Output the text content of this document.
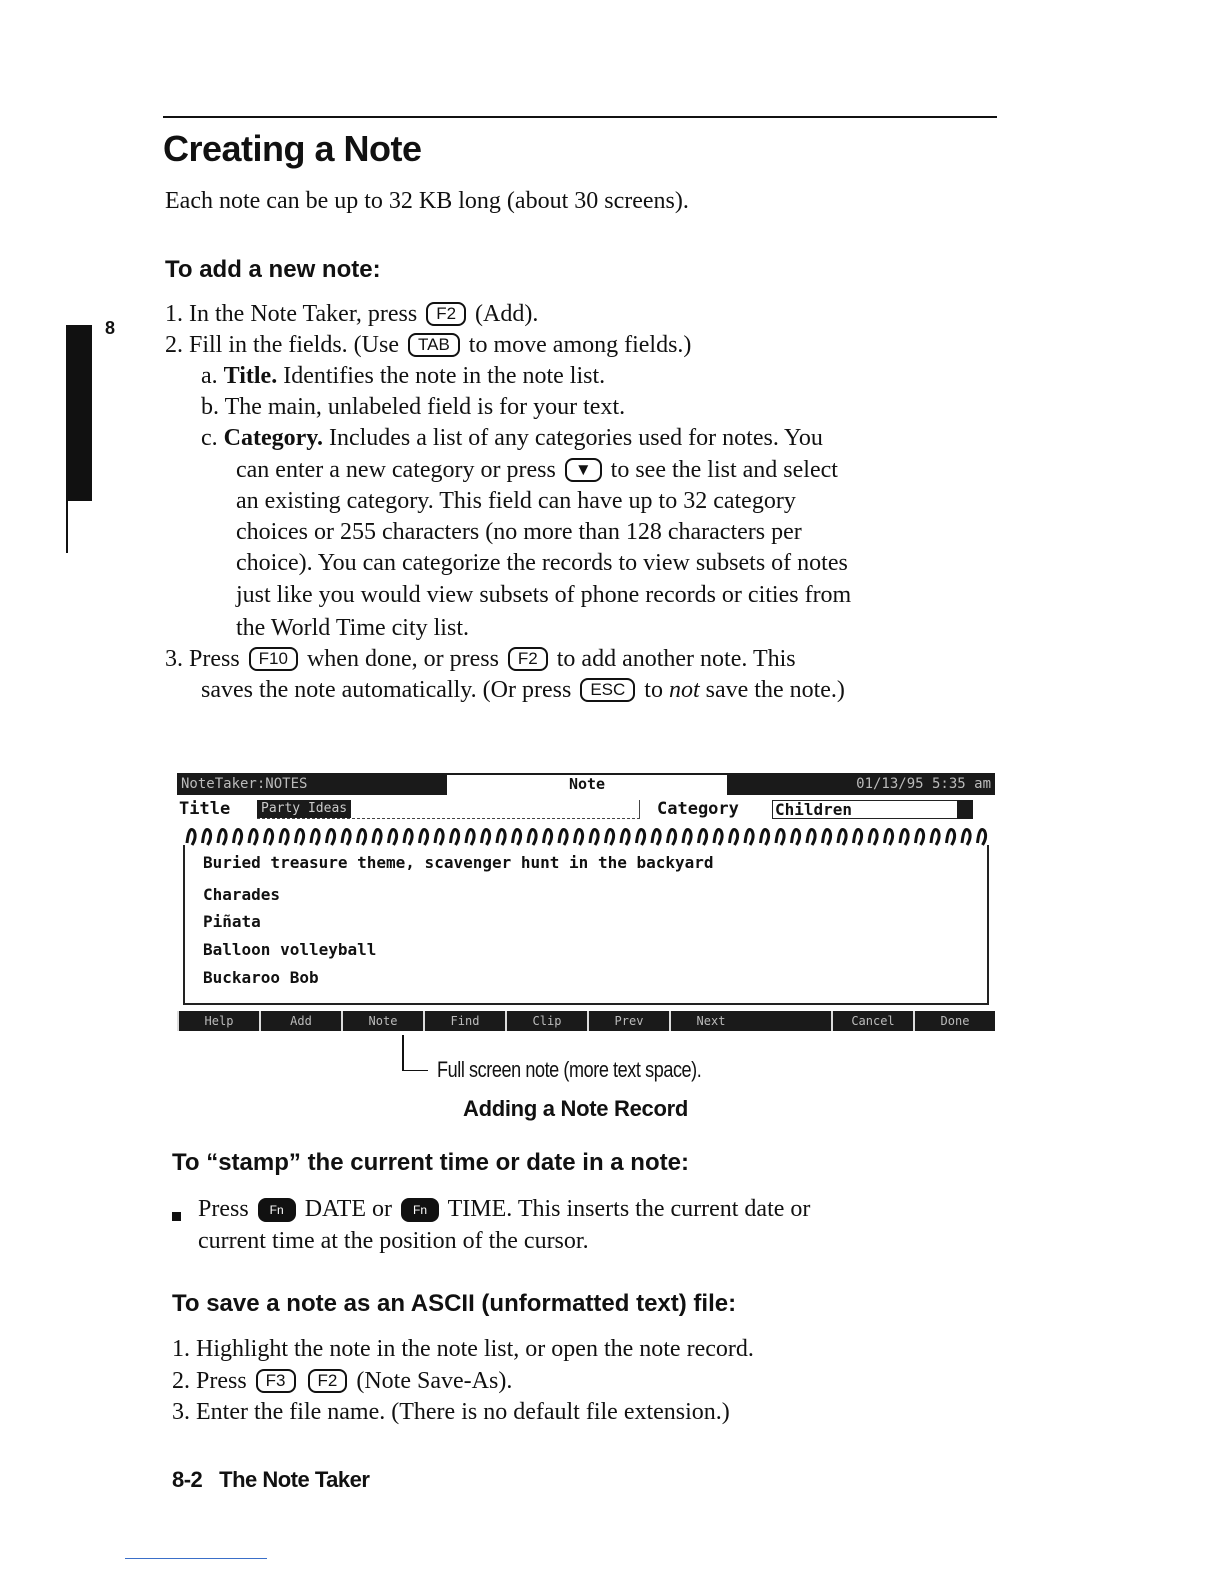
8
Creating a Note
Each note can be up to 32 KB long (about 30 screens).
To add a new note:
1. In the Note Taker, press F2 (Add).
2. Fill in the fields. (Use TAB to move among fields.)
a. Title. Identifies the note in the note list.
b. The main, unlabeled field is for your text.
c. Category. Includes a list of any categories used for notes. You
can enter a new category or press ▼ to see the list and select
an existing category. This field can have up to 32 category
choices or 255 characters (no more than 128 characters per
choice). You can categorize the records to view subsets of notes
just like you would view subsets of phone records or cities from
the World Time city list.
3. Press F10 when done, or press F2 to add another note. This
saves the note automatically. (Or press ESC to not save the note.)
NoteTaker:NOTES	Note	01/13/95 5:35 am
Title	Party Ideas	Category Children
Buried treasure theme, scavenger hunt in the backyard
Charades
Piñata
Balloon volleyball
Buckaroo Bob
Help	Add	Note	Find	Clip	Prev	Next	Cancel	Done
Full screen note (more text space).
Adding a Note Record
To “stamp” the current time or date in a note:
Press Fn DATE or Fn TIME. This inserts the current date or
current time at the position of the cursor.
To save a note as an ASCII (unformatted text) file:
1. Highlight the note in the note list, or open the note record.
2. Press F3 F2 (Note Save-As).
3. Enter the file name. (There is no default file extension.)
8-2   The Note Taker
